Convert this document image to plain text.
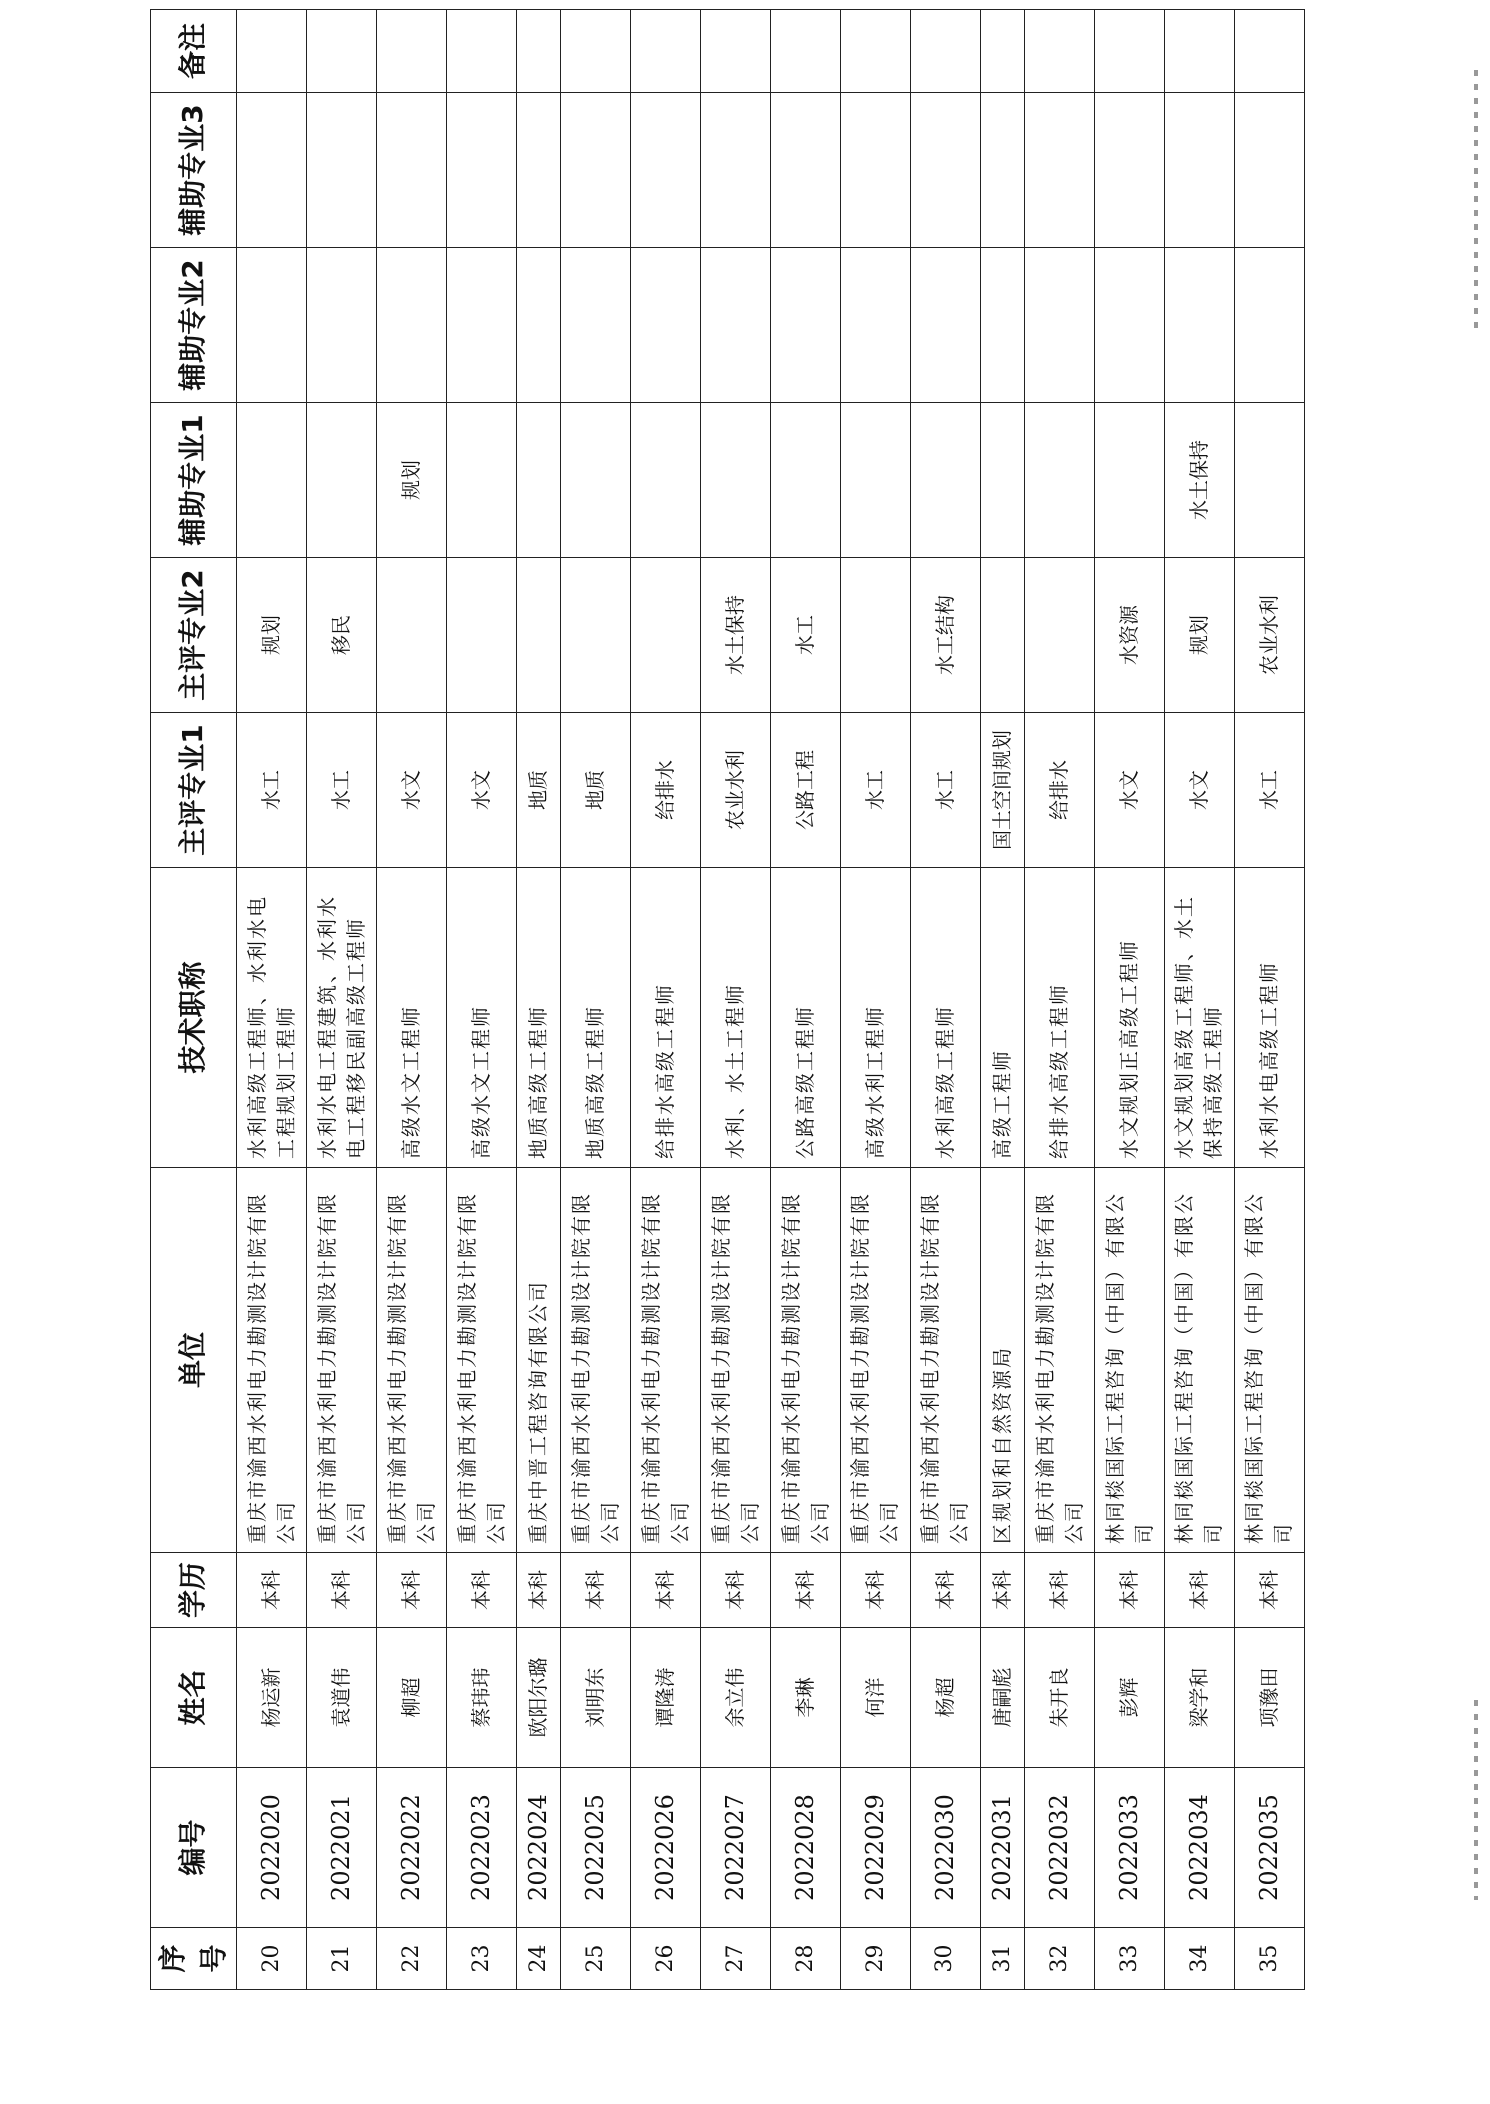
序号	编号	姓名	学历	单位	技术职称	主评专业1	主评专业2	辅助专业1	辅助专业2	辅助专业3	备注
20	2022020	杨运新	本科	重庆市渝西水利电力勘测设计院有限公司	水利高级工程师、水利水电工程规划工程师	水工	规划				
21	2022021	袁道伟	本科	重庆市渝西水利电力勘测设计院有限公司	水利水电工程建筑、水利水电工程移民副高级工程师	水工	移民				
22	2022022	柳超	本科	重庆市渝西水利电力勘测设计院有限公司	高级水文工程师	水文		规划			
23	2022023	蔡玮玮	本科	重庆市渝西水利电力勘测设计院有限公司	高级水文工程师	水文					
24	2022024	欧阳尔璐	本科	重庆中晋工程咨询有限公司	地质高级工程师	地质					
25	2022025	刘明东	本科	重庆市渝西水利电力勘测设计院有限公司	地质高级工程师	地质					
26	2022026	谭隆涛	本科	重庆市渝西水利电力勘测设计院有限公司	给排水高级工程师	给排水					
27	2022027	余立伟	本科	重庆市渝西水利电力勘测设计院有限公司	水利、水土工程师	农业水利	水土保持				
28	2022028	李琳	本科	重庆市渝西水利电力勘测设计院有限公司	公路高级工程师	公路工程	水工				
29	2022029	何洋	本科	重庆市渝西水利电力勘测设计院有限公司	高级水利工程师	水工					
30	2022030	杨超	本科	重庆市渝西水利电力勘测设计院有限公司	水利高级工程师	水工	水工结构				
31	2022031	唐嗣彪	本科	区规划和自然资源局	高级工程师	国土空间规划					
32	2022032	朱开良	本科	重庆市渝西水利电力勘测设计院有限公司	给排水高级工程师	给排水					
33	2022033	彭辉	本科	林同棪国际工程咨询（中国）有限公司	水文规划正高级工程师	水文	水资源				
34	2022034	梁学和	本科	林同棪国际工程咨询（中国）有限公司	水文规划高级工程师、水土保持高级工程师	水文	规划	水土保持			
35	2022035	项豫田	本科	林同棪国际工程咨询（中国）有限公司	水利水电高级工程师	水工	农业水利				
